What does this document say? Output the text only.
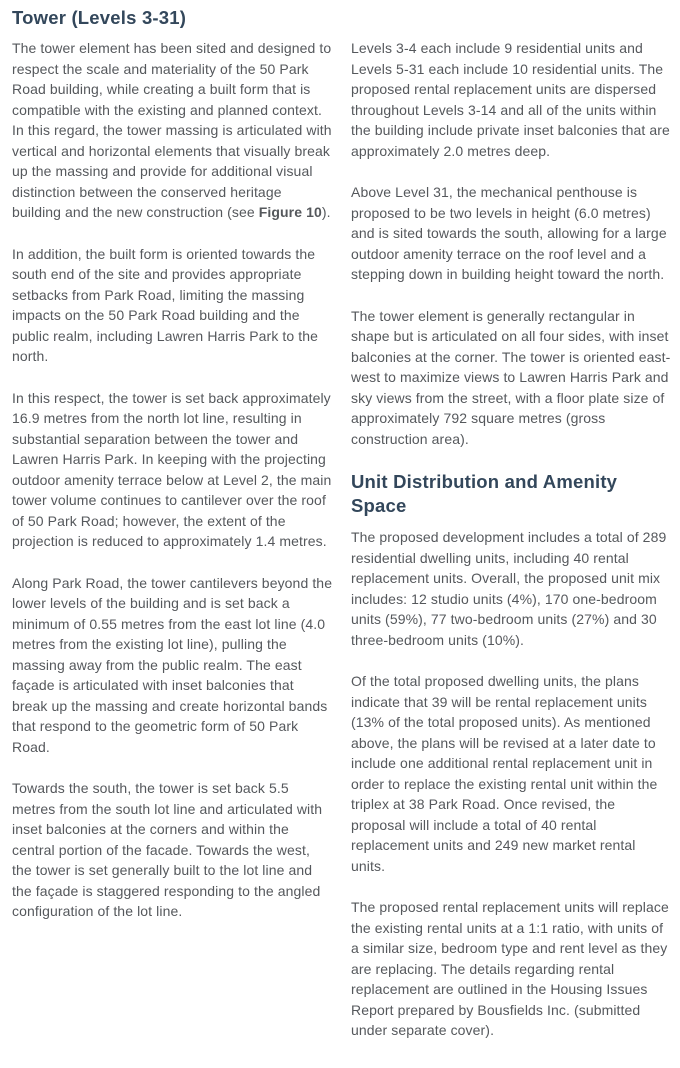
Tower (Levels 3-31)

The tower element has been sited and designed to respect the scale and materiality of the 50 Park Road building, while creating a built form that is compatible with the existing and planned context. In this regard, the tower massing is articulated with vertical and horizontal elements that visually break up the massing and provide for additional visual distinction between the conserved heritage building and the new construction (see Figure 10).

In addition, the built form is oriented towards the south end of the site and provides appropriate setbacks from Park Road, limiting the massing impacts on the 50 Park Road building and the public realm, including Lawren Harris Park to the north.

In this respect, the tower is set back approximately 16.9 metres from the north lot line, resulting in substantial separation between the tower and Lawren Harris Park. In keeping with the projecting outdoor amenity terrace below at Level 2, the main tower volume continues to cantilever over the roof of 50 Park Road; however, the extent of the projection is reduced to approximately 1.4 metres.

Along Park Road, the tower cantilevers beyond the lower levels of the building and is set back a minimum of 0.55 metres from the east lot line (4.0 metres from the existing lot line), pulling the massing away from the public realm. The east façade is articulated with inset balconies that break up the massing and create horizontal bands that respond to the geometric form of 50 Park Road.

Towards the south, the tower is set back 5.5 metres from the south lot line and articulated with inset balconies at the corners and within the central portion of the facade. Towards the west, the tower is set generally built to the lot line and the façade is staggered responding to the angled configuration of the lot line.

Levels 3-4 each include 9 residential units and Levels 5-31 each include 10 residential units. The proposed rental replacement units are dispersed throughout Levels 3-14 and all of the units within the building include private inset balconies that are approximately 2.0 metres deep.

Above Level 31, the mechanical penthouse is proposed to be two levels in height (6.0 metres) and is sited towards the south, allowing for a large outdoor amenity terrace on the roof level and a stepping down in building height toward the north.

The tower element is generally rectangular in shape but is articulated on all four sides, with inset balconies at the corner. The tower is oriented east-west to maximize views to Lawren Harris Park and sky views from the street, with a floor plate size of approximately 792 square metres (gross construction area).

Unit Distribution and Amenity Space

The proposed development includes a total of 289 residential dwelling units, including 40 rental replacement units. Overall, the proposed unit mix includes: 12 studio units (4%), 170 one-bedroom units (59%), 77 two-bedroom units (27%) and 30 three-bedroom units (10%).

Of the total proposed dwelling units, the plans indicate that 39 will be rental replacement units (13% of the total proposed units). As mentioned above, the plans will be revised at a later date to include one additional rental replacement unit in order to replace the existing rental unit within the triplex at 38 Park Road. Once revised, the proposal will include a total of 40 rental replacement units and 249 new market rental units.

The proposed rental replacement units will replace the existing rental units at a 1:1 ratio, with units of a similar size, bedroom type and rent level as they are replacing. The details regarding rental replacement are outlined in the Housing Issues Report prepared by Bousfields Inc. (submitted under separate cover).
